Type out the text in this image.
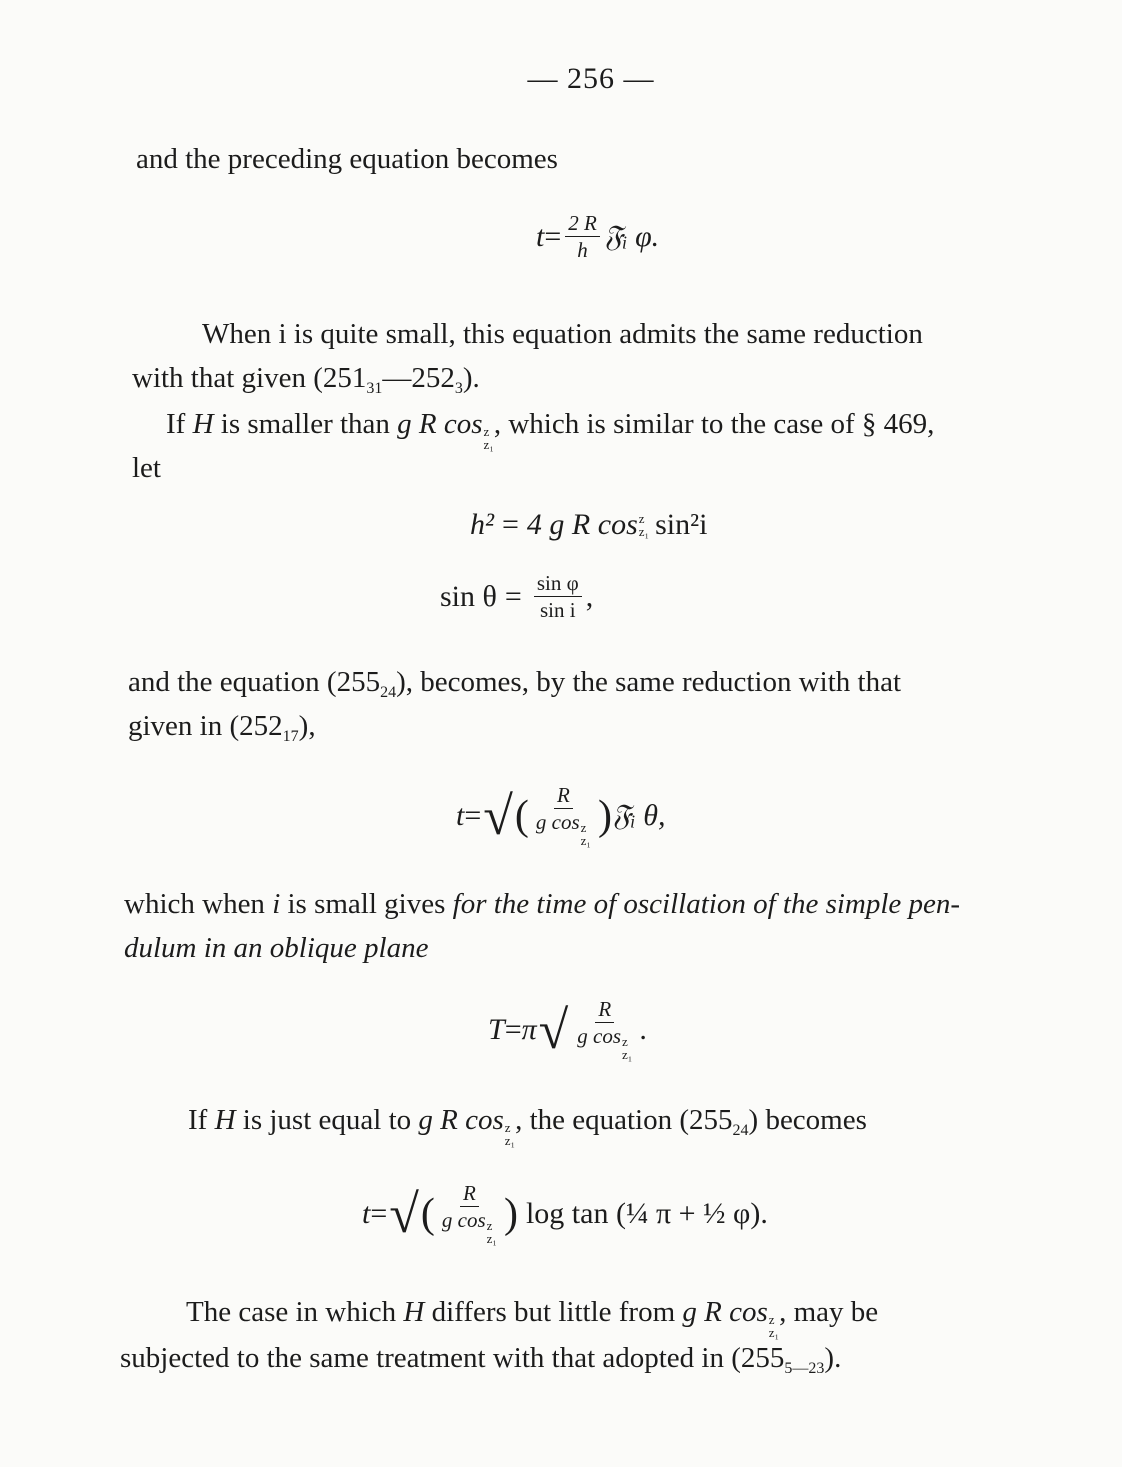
— 256 —
and the preceding equation becomes
$t = \frac{2 R}{h}$ 𝔉ᵢ φ.
When i is quite small, this equation admits the same reduction
with that given $(251_{31}—252_3)$.
If H is smaller than g R cos z
z₁
, which is similar to the case of § 469,
let
h² = 4 g R cos z
z₁ sin²i
$\sin \theta = \frac{\text{sin φ}}{\text{sin i}}$ ,
and the equation $(255_{24})$, becomes, by the same reduction with that
given in $(252_{17})$,
t = √ ( R
g cos z
z₁ ) 𝔉ᵢ θ,
which when i is small gives for the time of oscillation of the simple pen-
dulum in an oblique plane
T = π √ R
g cos z
z₁ .
If H is just equal to g R cos z
z₁
, the equation $(255_{24})$ becomes
t = √ ( R
g cos z
z₁ ) log tan (¼ π + ½ φ).
The case in which H differs but little from g R cos z
z₁
, may be
subjected to the same treatment with that adopted in $(255_{5—23})$.
